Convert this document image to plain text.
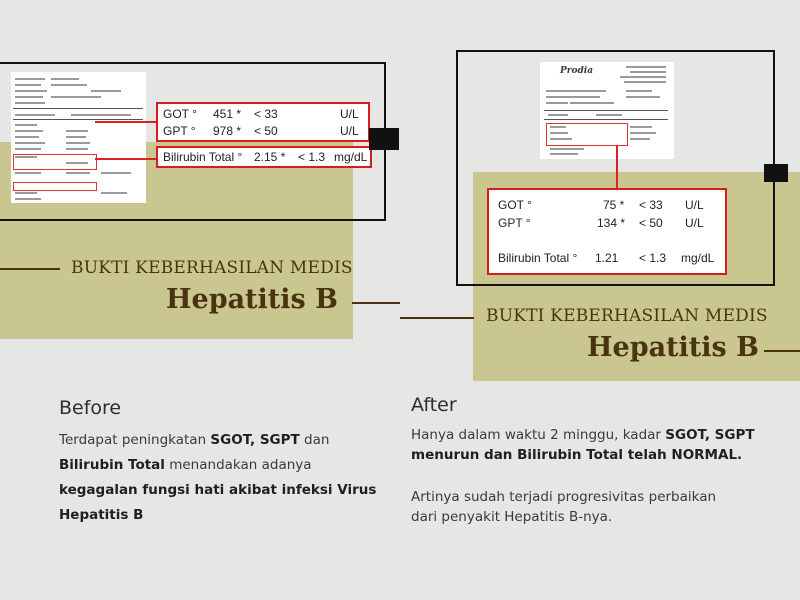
GOT ° 451 * < 33	U/L
GPT ° 978 * < 50	U/L
Bilirubin Total ° 2.15 * < 1.3 mg/dL
BUKTI KEBERHASILAN MEDIS
Hepatitis B
Prodia
GOT °	75 * < 33 U/L
GPT °	134 * < 50 U/L
Bilirubin Total ° 1.21 < 1.3 mg/dL
BUKTI KEBERHASILAN MEDIS
Hepatitis B
Before
Terdapat peningkatan SGOT, SGPT dan
Bilirubin Total menandakan adanya
kegagalan fungsi hati akibat infeksi Virus
Hepatitis B
After
Hanya dalam waktu 2 minggu, kadar SGOT, SGPT
menurun dan Bilirubin Total telah NORMAL.
Artinya sudah terjadi progresivitas perbaikan
dari penyakit Hepatitis B-nya.
